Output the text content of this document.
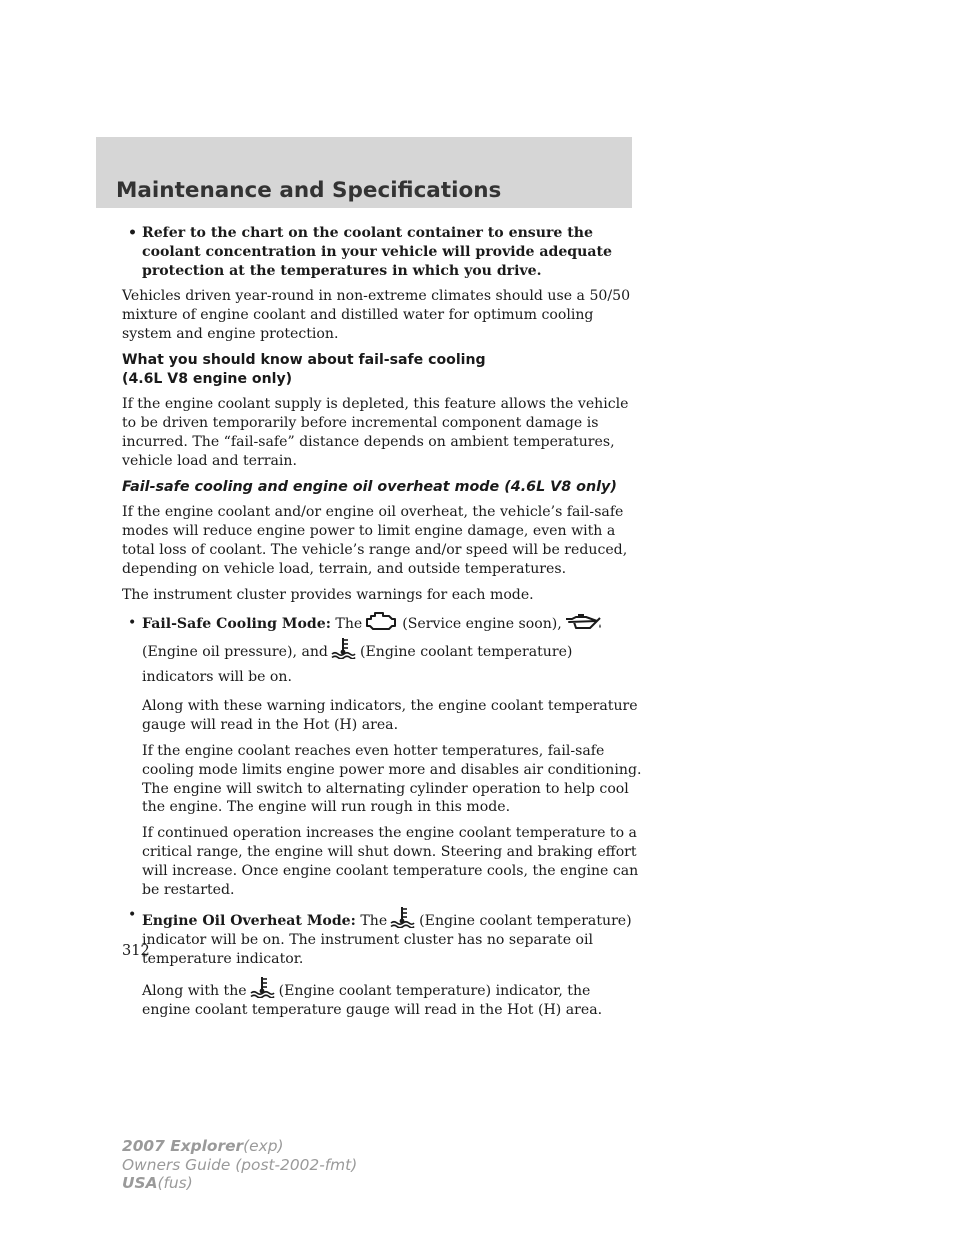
Maintenance and Specifications
• Refer to the chart on the coolant container to ensure the coolant concentration in your vehicle will provide adequate protection at the temperatures in which you drive.

Vehicles driven year-round in non-extreme climates should use a 50/50 mixture of engine coolant and distilled water for optimum cooling system and engine protection.

What you should know about fail-safe cooling
(4.6L V8 engine only)

If the engine coolant supply is depleted, this feature allows the vehicle to be driven temporarily before incremental component damage is incurred. The “fail-safe” distance depends on ambient temperatures, vehicle load and terrain.

Fail-safe cooling and engine oil overheat mode (4.6L V8 only)

If the engine coolant and/or engine oil overheat, the vehicle’s fail-safe modes will reduce engine power to limit engine damage, even with a total loss of coolant. The vehicle’s range and/or speed will be reduced, depending on vehicle load, terrain, and outside temperatures.

The instrument cluster provides warnings for each mode.

• Fail-Safe Cooling Mode: The	(Service engine soon),
(Engine oil pressure), and (Engine coolant temperature) indicators will be on.

Along with these warning indicators, the engine coolant temperature gauge will read in the Hot (H) area.

If the engine coolant reaches even hotter temperatures, fail-safe cooling mode limits engine power more and disables air conditioning. The engine will switch to alternating cylinder operation to help cool the engine. The engine will run rough in this mode.

If continued operation increases the engine coolant temperature to a critical range, the engine will shut down. Steering and braking effort will increase. Once engine coolant temperature cools, the engine can be restarted.

• Engine Oil Overheat Mode: The (Engine coolant temperature) indicator will be on. The instrument cluster has no separate oil temperature indicator.

Along with the (Engine coolant temperature) indicator, the engine coolant temperature gauge will read in the Hot (H) area.

312
2007 Explorer(exp)
Owners Guide (post-2002-fmt)
USA(fus)
